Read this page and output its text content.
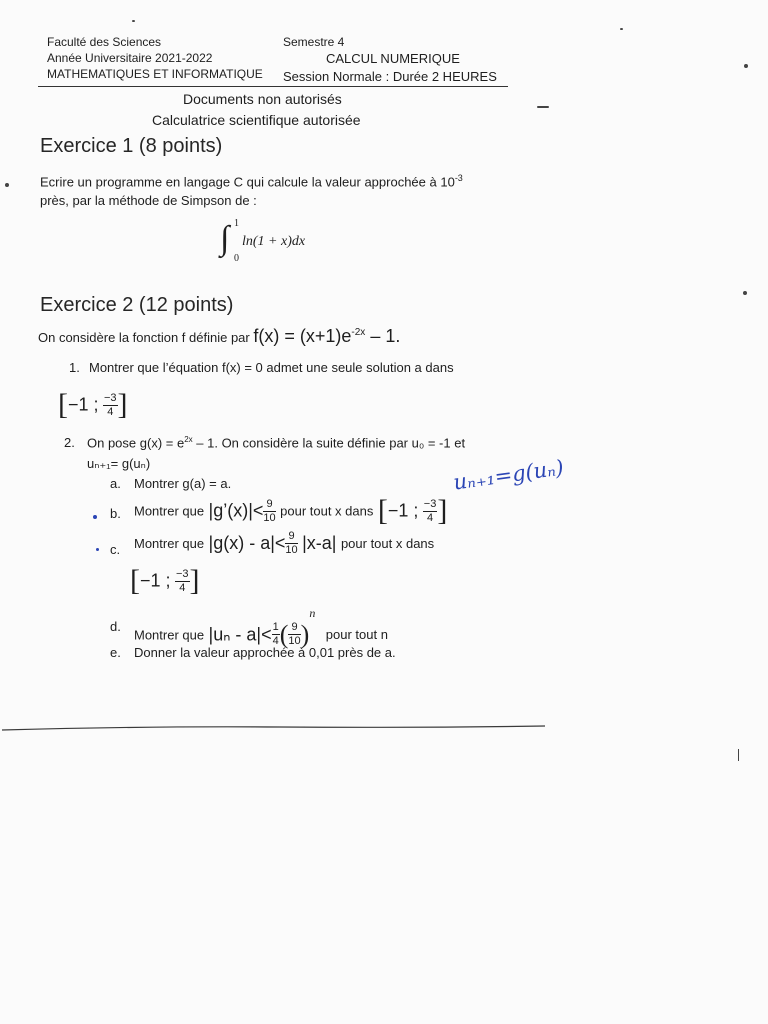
Faculté des Sciences
Année Universitaire 2021-2022
MATHEMATIQUES ET INFORMATIQUE
Semestre 4
CALCUL NUMERIQUE
Session Normale : Durée 2 HEURES
Documents non autorisés
Calculatrice scientifique autorisée
Exercice 1 (8 points)
Ecrire un programme en langage C qui calcule la valeur approchée à $10^{-3}$
près, par la méthode de Simpson de :
∫ 1
0
ln(1 + x)dx
Exercice 2 (12 points)
On considère la fonction f définie par $f(x) = (x+1)e^{-2x} - 1$.
1. Montrer que l’équation f(x) = 0 admet une seule solution a dans
[−1 ; $\frac{-3}{4}$ ]
2. On pose $g(x) = e^{2x} - 1$. On considère la suite définie par u₀ = -1 et
uₙ₊₁= g(uₙ)	uₙ₊₁=g(uₙ)
a. Montrer g(a) = a.
b. Montrer que |g’(x)|< $\frac{9}{10}$ pour tout x dans [−1 ; $\frac{-3}{4}$ ]
c. Montrer que $|g(x) - a|< \frac{9}{10} |x-a|$ pour tout x dans
[−1 ; $\frac{-3}{4}$ ]
d.
Montrer que $|u_n - a|< \frac{1}{4}$ ( $\frac{9}{10} )^n$ pour tout n
e. Donner la valeur approchée à 0,01 près de a.
